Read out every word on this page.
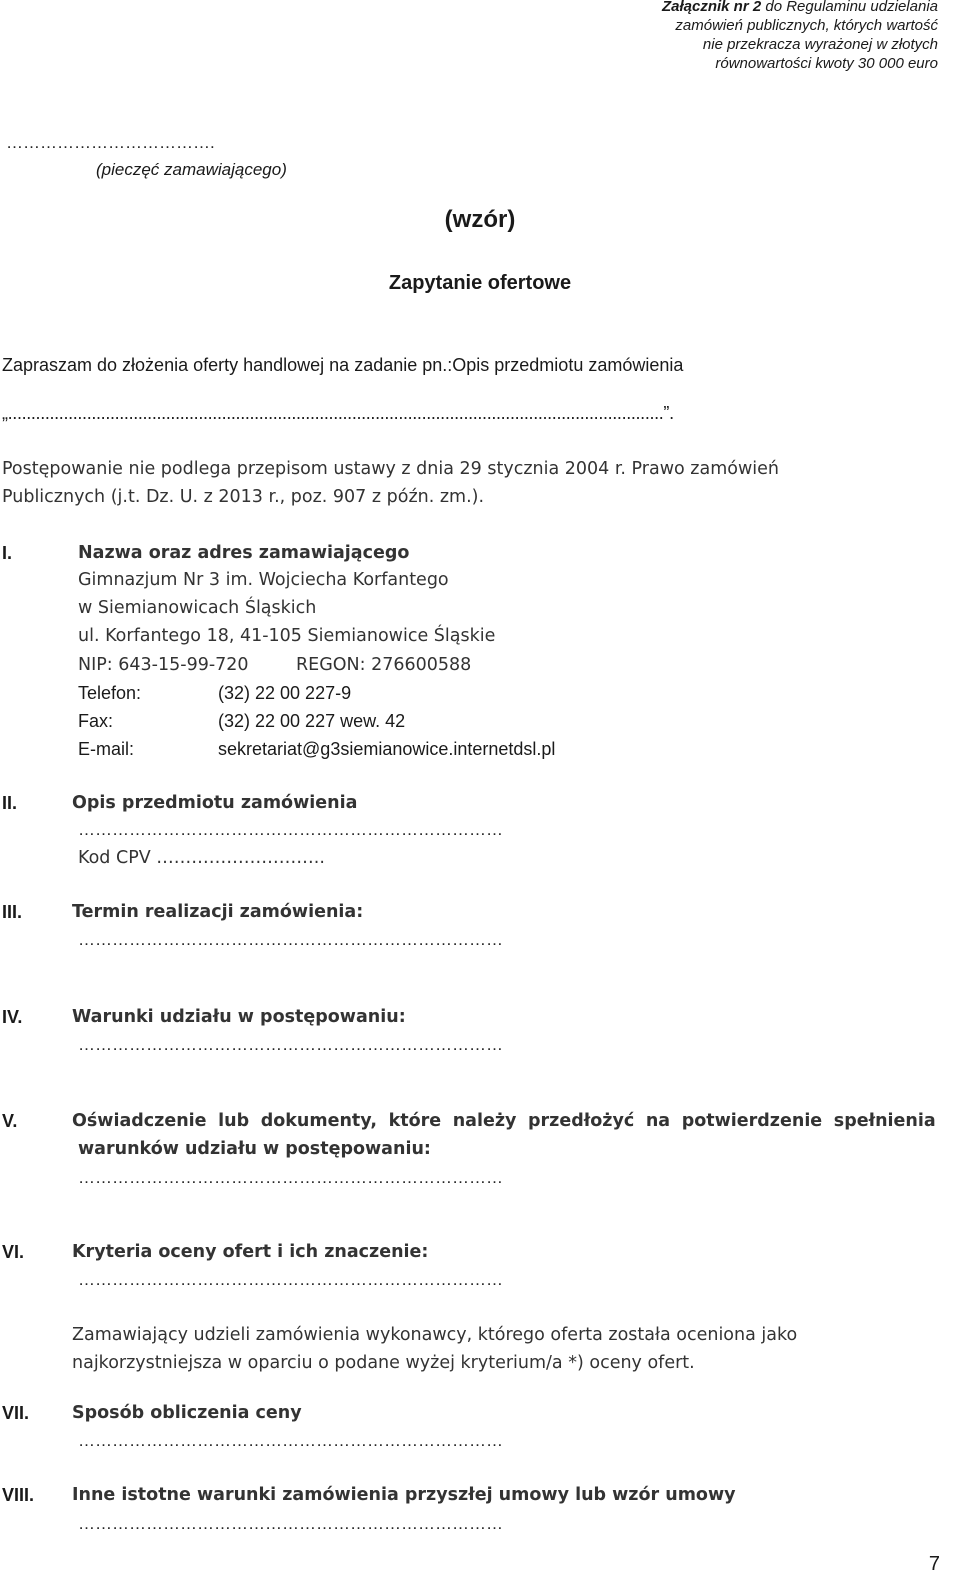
Załącznik nr 2 do Regulaminu udzielania
zamówień publicznych, których wartość
nie przekracza wyrażonej w złotych
równowartości kwoty 30 000 euro
……………………………….
(pieczęć zamawiającego)
(wzór)
Zapytanie ofertowe
Zapraszam do złożenia oferty handlowej na zadanie pn.:Opis przedmiotu zamówienia
„.............................................................................................................................................”.
Postępowanie nie podlega przepisom ustawy z dnia 29 stycznia 2004 r. Prawo zamówień
Publicznych (j.t. Dz. U. z 2013 r., poz. 907 z późn. zm.).
I.	Nazwa oraz adres zamawiającego
Gimnazjum Nr 3 im. Wojciecha Korfantego
w Siemianowicach Śląskich
ul. Korfantego 18, 41-105 Siemianowice Śląskie
NIP: 643-15-99-720	REGON: 276600588
Telefon:	(32) 22 00 227-9
Fax:	(32) 22 00 227 wew. 42
E-mail:	sekretariat@g3siemianowice.internetdsl.pl
II.	Opis przedmiotu zamówienia
…………………………………………………………………
Kod CPV ………………………..
III.	Termin realizacji zamówienia:
…………………………………………………………………
IV.	Warunki udziału w postępowaniu:
…………………………………………………………………
V.	Oświadczenie lub dokumenty, które należy przedłożyć na potwierdzenie spełnienia
warunków udziału w postępowaniu:
…………………………………………………………………
VI.	Kryteria oceny ofert i ich znaczenie:
…………………………………………………………………
Zamawiający udzieli zamówienia wykonawcy, którego oferta została oceniona jako
najkorzystniejsza w oparciu o podane wyżej kryterium/a *) oceny ofert.
VII. Sposób obliczenia ceny
…………………………………………………………………
VIII. Inne istotne warunki zamówienia przyszłej umowy lub wzór umowy
…………………………………………………………………
7
